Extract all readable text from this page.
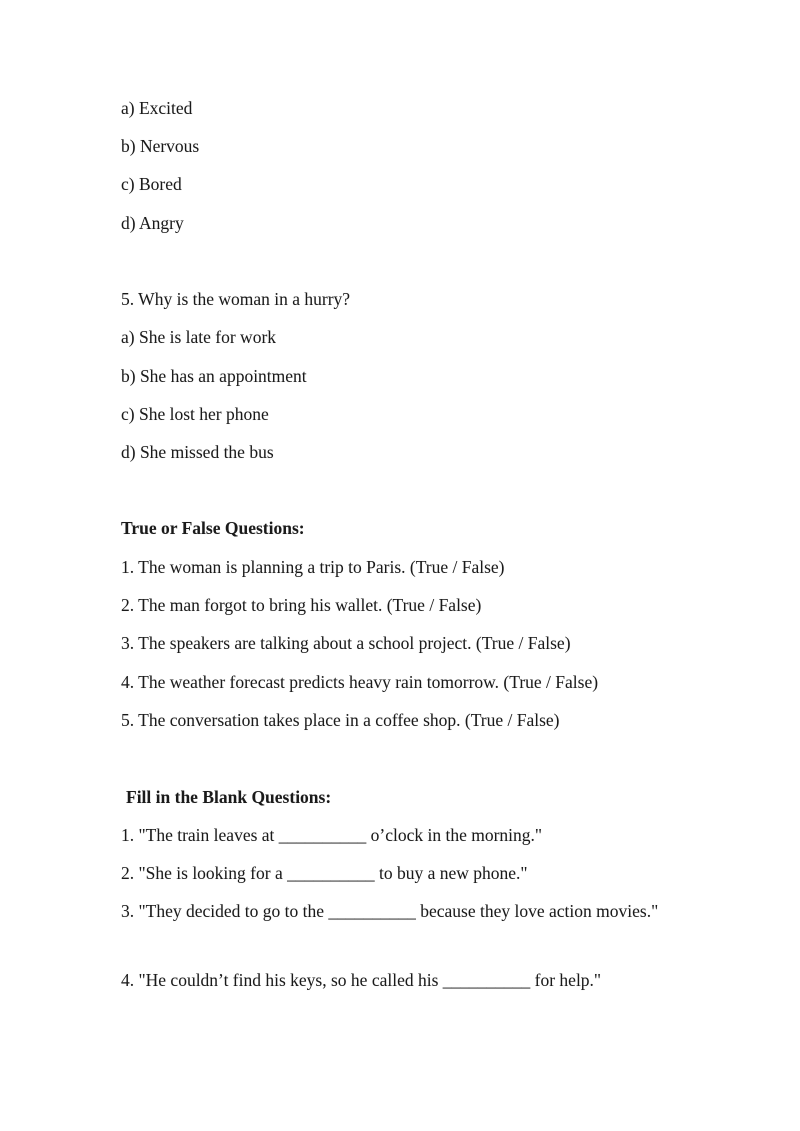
a) Excited
b) Nervous
c) Bored
d) Angry
5. Why is the woman in a hurry?
a) She is late for work
b) She has an appointment
c) She lost her phone
d) She missed the bus
True or False Questions:
1. The woman is planning a trip to Paris. (True / False)
2. The man forgot to bring his wallet. (True / False)
3. The speakers are talking about a school project. (True / False)
4. The weather forecast predicts heavy rain tomorrow. (True / False)
5. The conversation takes place in a coffee shop. (True / False)
Fill in the Blank Questions:
1. "The train leaves at __________ o’clock in the morning."
2. "She is looking for a __________ to buy a new phone."
3. "They decided to go to the __________ because they love action movies."
4. "He couldn’t find his keys, so he called his __________ for help."
